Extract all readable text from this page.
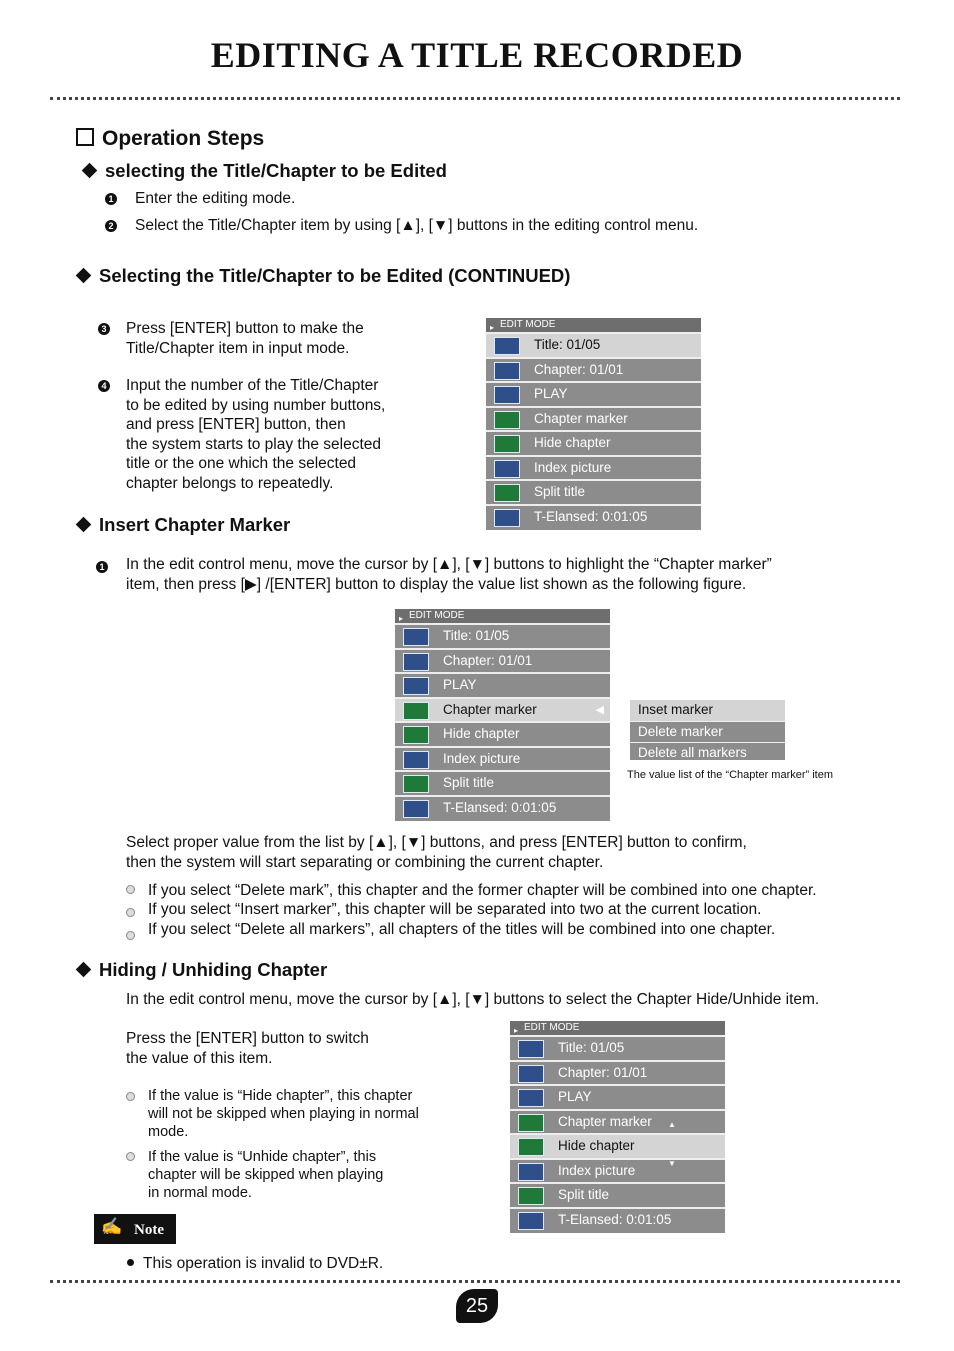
EDITING A TITLE RECORDED
Operation Steps
selecting the Title/Chapter to be Edited
1 Enter the editing mode.
2 Select the Title/Chapter item by using [▲], [▼] buttons in the editing control menu.
Selecting the Title/Chapter to be Edited (CONTINUED)
3 Press [ENTER] button to make the
Title/Chapter item in input mode.
4 Input the number of the Title/Chapter
to be edited by using number buttons,
and press [ENTER] button, then
the system starts to play the selected
title or the one which the selected
chapter belongs to repeatedly.
▸ EDIT MODE
Title: 01/05
Chapter: 01/01
PLAY
Chapter marker
Hide chapter
Index picture
Split title
T-Elansed: 0:01:05
Insert Chapter Marker
1 In the edit control menu, move the cursor by [▲], [▼] buttons to highlight the “Chapter marker”
item, then press [▶] /[ENTER] button to display the value list shown as the following figure.
▸ EDIT MODE
Title: 01/05
Chapter: 01/01
PLAY
Chapter marker	◀
Hide chapter
Index picture
Split title
T-Elansed: 0:01:05
Inset marker
Delete marker
Delete all markers
The value list of the “Chapter marker” item
Select proper value from the list by [▲], [▼] buttons, and press [ENTER] button to confirm,
then the system will start separating or combining the current chapter.
If you select “Delete mark”, this chapter and the former chapter will be combined into one chapter.
If you select “Insert marker”, this chapter will be separated into two at the current location.
If you select “Delete all markers”, all chapters of the titles will be combined into one chapter.
Hiding / Unhiding Chapter
In the edit control menu, move the cursor by [▲], [▼] buttons to select the Chapter Hide/Unhide item.
Press the [ENTER] button to switch
the value of this item.
If the value is “Hide chapter”, this chapter
will not be skipped when playing in normal
mode.
If the value is “Unhide chapter”, this
chapter will be skipped when playing
in normal mode.
▸ EDIT MODE
Title: 01/05
Chapter: 01/01
PLAY
Chapter marker ▲
Hide chapter
Index picture	▼
Split title
T-Elansed: 0:01:05
✍ Note
This operation is invalid to DVD±R.
25
